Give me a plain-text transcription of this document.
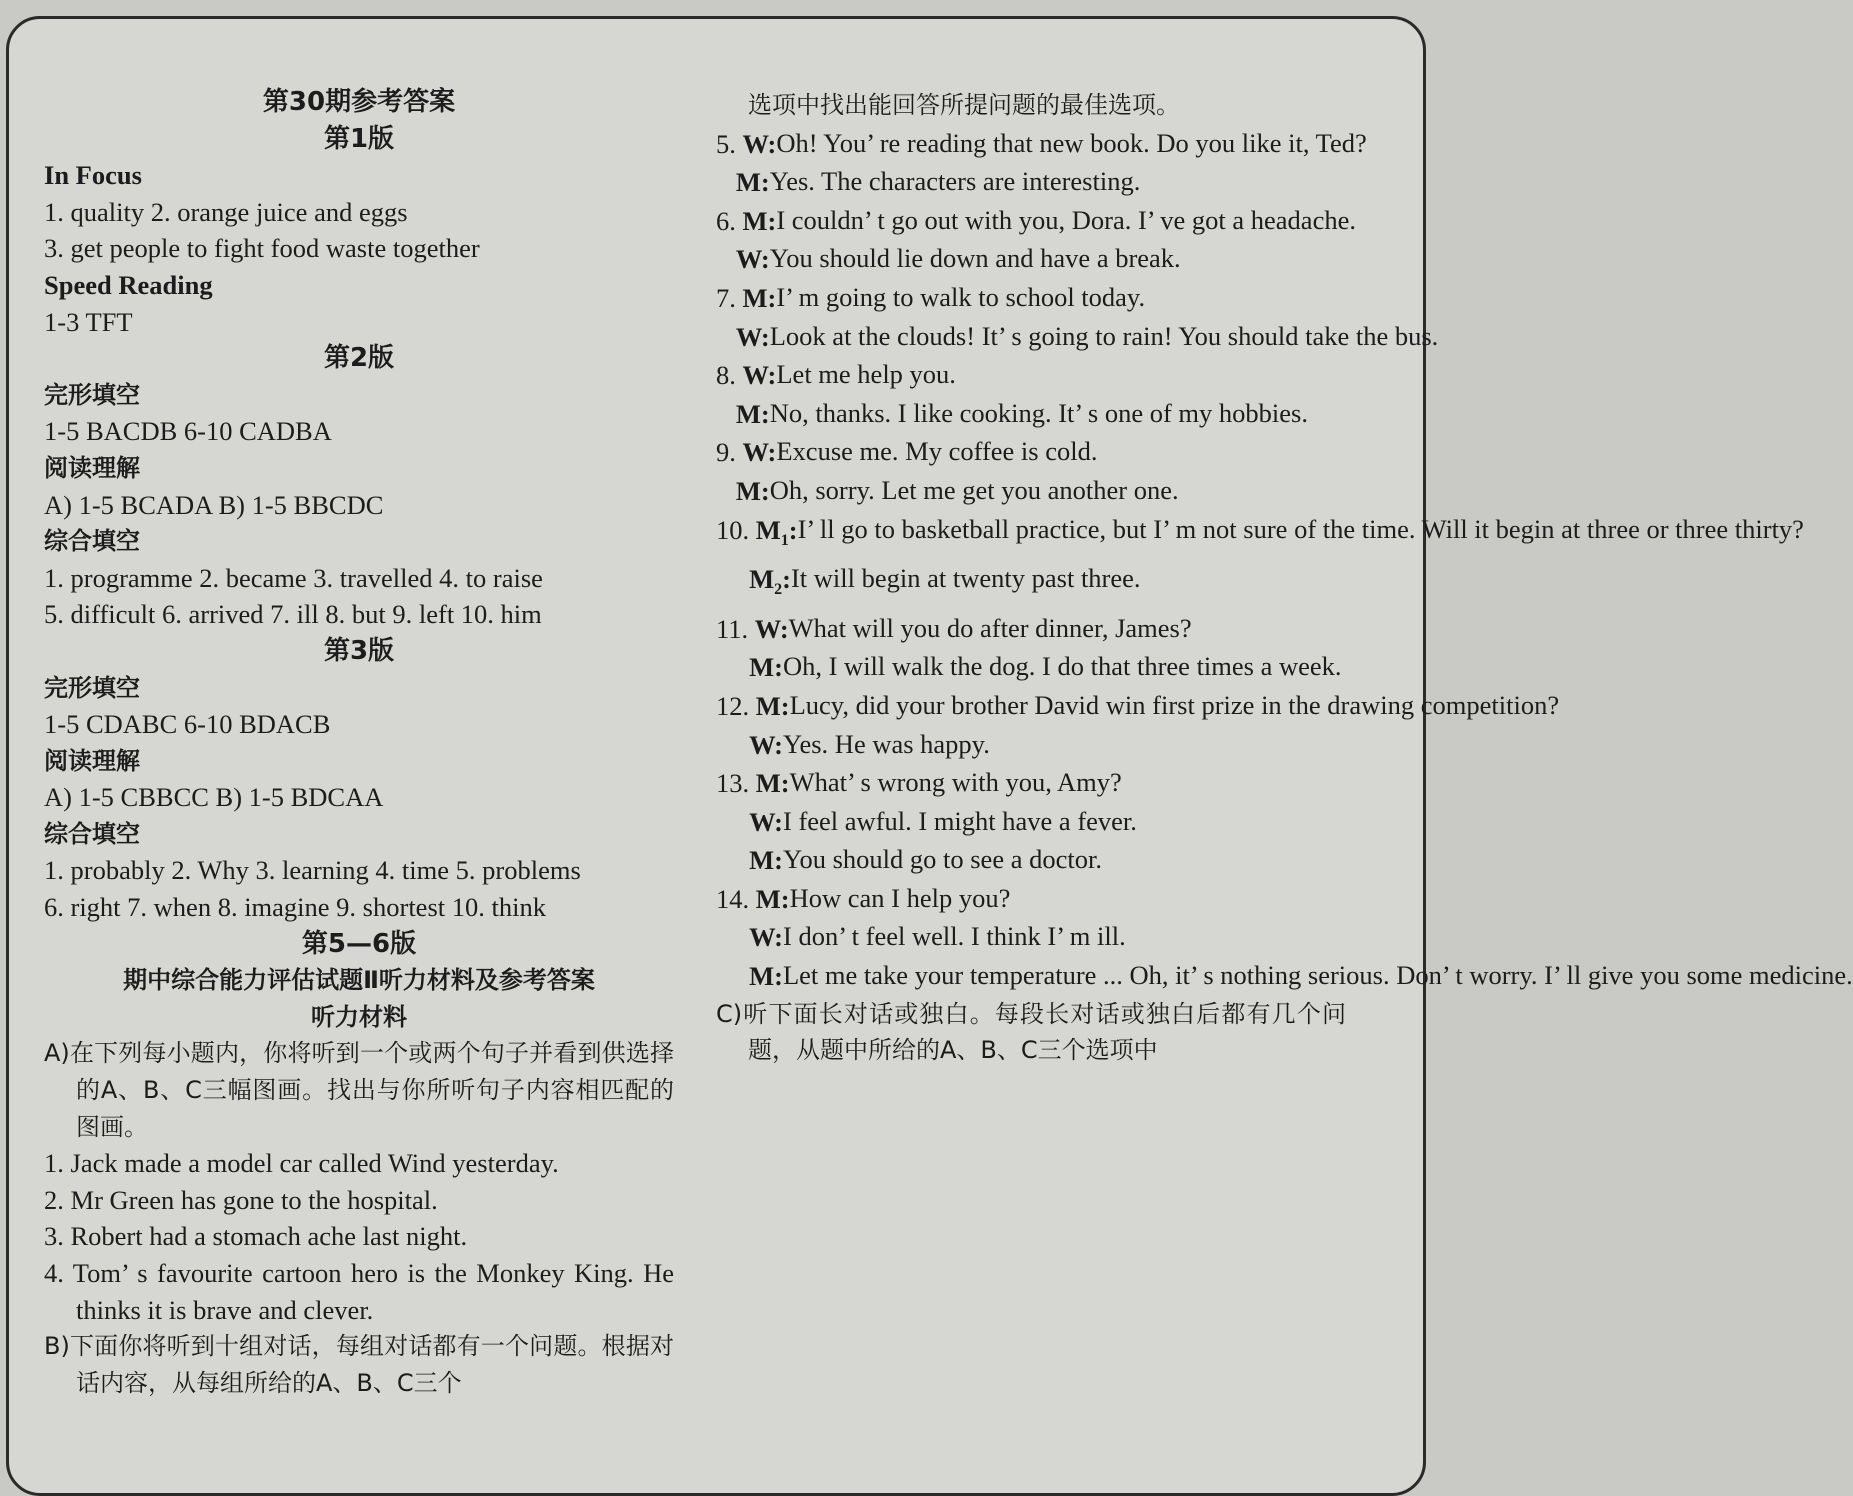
第30期参考答案
第1版
In Focus
1. quality 2. orange juice and eggs
3. get people to fight food waste together
Speed Reading
1-3 TFT
第2版
完形填空
1-5 BACDB 6-10 CADBA
阅读理解
A) 1-5 BCADA B) 1-5 BBCDC
综合填空
1. programme 2. became 3. travelled 4. to raise
5. difficult 6. arrived 7. ill 8. but 9. left 10. him
第3版
完形填空
1-5 CDABC 6-10 BDACB
阅读理解
A) 1-5 CBBCC B) 1-5 BDCAA
综合填空
1. probably 2. Why 3. learning 4. time 5. problems
6. right 7. when 8. imagine 9. shortest 10. think
第5—6版
期中综合能力评估试题Ⅱ听力材料及参考答案
听力材料
A)在下列每小题内，你将听到一个或两个句子并看到供选择的A、B、C三幅图画。找出与你所听句子内容相匹配的图画。
1. Jack made a model car called Wind yesterday.
2. Mr Green has gone to the hospital.
3. Robert had a stomach ache last night.
4. Tom’ s favourite cartoon hero is the Monkey King. He thinks it is brave and clever.
B)下面你将听到十组对话，每组对话都有一个问题。根据对话内容，从每组所给的A、B、C三个
选项中找出能回答所提问题的最佳选项。
5. W: Oh! You’ re reading that new book. Do you like it, Ted?

M: Yes. The characters are interesting.
6. M: I couldn’ t go out with you, Dora. I’ ve got a headache.

W: You should lie down and have a break.
7. M: I’ m going to walk to school today.

W: Look at the clouds! It’ s going to rain! You should take the bus.
8. W: Let me help you.

M: No, thanks. I like cooking. It’ s one of my hobbies.
9. W: Excuse me. My coffee is cold.

M: Oh, sorry. Let me get you another one.
10. $M_1$: I’ ll go to basketball practice, but I’ m not sure of the time. Will it begin at three or three thirty?

$M_2$: It will begin at twenty past three.
11. W: What will you do after dinner, James?

M: Oh, I will walk the dog. I do that three times a week.
12. M: Lucy, did your brother David win first prize in the drawing competition?

W: Yes. He was happy.
13. M: What’ s wrong with you, Amy?

W: I feel awful. I might have a fever.

M: You should go to see a doctor.
14. M: How can I help you?

W: I don’ t feel well. I think I’ m ill.

M: Let me take your temperature ... Oh, it’ s nothing serious. Don’ t worry. I’ ll give you some medicine.
C)听下面长对话或独白。每段长对话或独白后都有几个问题，从题中所给的A、B、C三个选项中
